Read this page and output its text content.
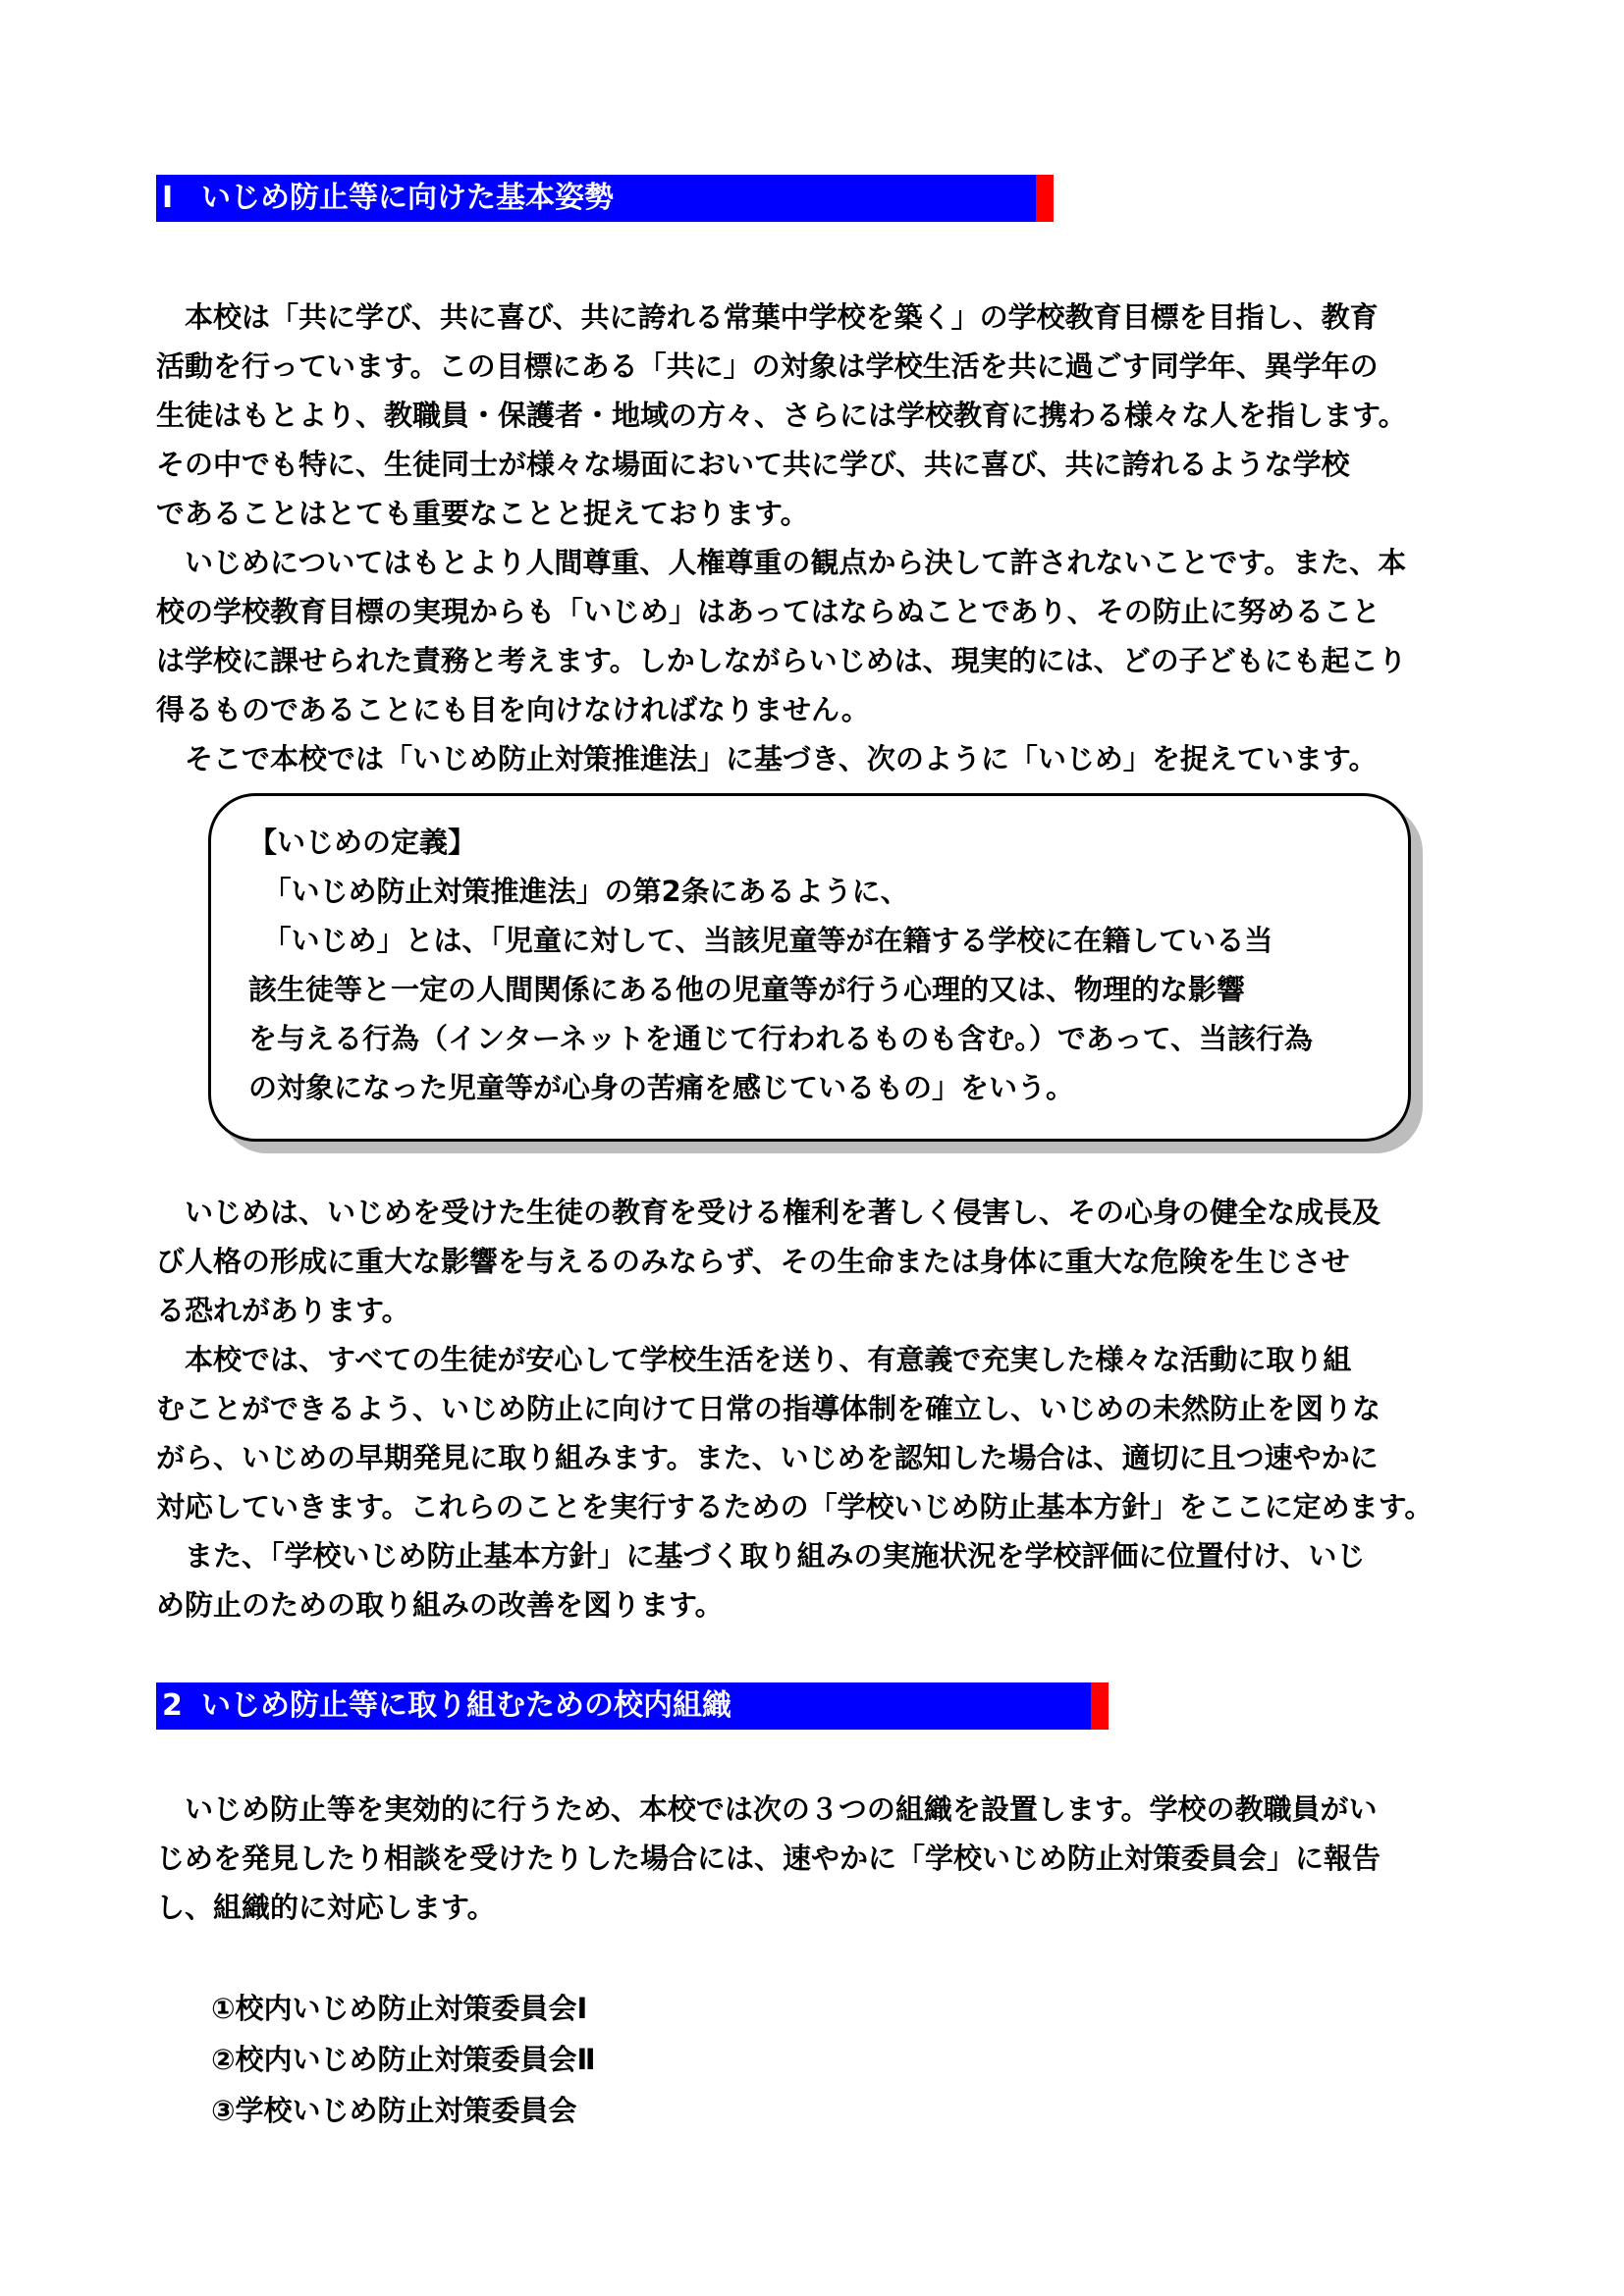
Ⅰ いじめ防止等に向けた基本姿勢

　本校は「共に学び、共に喜び、共に誇れる常葉中学校を築く」の学校教育目標を目指し、教育

活動を行っています。この目標にある「共に」の対象は学校生活を共に過ごす同学年、異学年の

生徒はもとより、教職員・保護者・地域の方々、さらには学校教育に携わる様々な人を指します。

その中でも特に、生徒同士が様々な場面において共に学び、共に喜び、共に誇れるような学校

であることはとても重要なことと捉えております。

　いじめについてはもとより人間尊重、人権尊重の観点から決して許されないことです。また、本

校の学校教育目標の実現からも「いじめ」はあってはならぬことであり、その防止に努めること

は学校に課せられた責務と考えます。しかしながらいじめは、現実的には、どの子どもにも起こり

得るものであることにも目を向けなければなりません。

　そこで本校では「いじめ防止対策推進法」に基づき、次のように「いじめ」を捉えています。

【いじめの定義】

　「いじめ防止対策推進法」の第2条にあるように、

　「いじめ」とは、「児童に対して、当該児童等が在籍する学校に在籍している当

該生徒等と一定の人間関係にある他の児童等が行う心理的又は、物理的な影響

を与える行為（インターネットを通じて行われるものも含む。）であって、当該行為

の対象になった児童等が心身の苦痛を感じているもの」をいう。

　いじめは、いじめを受けた生徒の教育を受ける権利を著しく侵害し、その心身の健全な成長及

び人格の形成に重大な影響を与えるのみならず、その生命または身体に重大な危険を生じさせ

る恐れがあります。

　本校では、すべての生徒が安心して学校生活を送り、有意義で充実した様々な活動に取り組

むことができるよう、いじめ防止に向けて日常の指導体制を確立し、いじめの未然防止を図りな

がら、いじめの早期発見に取り組みます。また、いじめを認知した場合は、適切に且つ速やかに

対応していきます。これらのことを実行するための「学校いじめ防止基本方針」をここに定めます。

　また、「学校いじめ防止基本方針」に基づく取り組みの実施状況を学校評価に位置付け、いじ

め防止のための取り組みの改善を図ります。

2 いじめ防止等に取り組むための校内組織

　いじめ防止等を実効的に行うため、本校では次の３つの組織を設置します。学校の教職員がい

じめを発見したり相談を受けたりした場合には、速やかに「学校いじめ防止対策委員会」に報告

し、組織的に対応します。

①校内いじめ防止対策委員会Ⅰ
②校内いじめ防止対策委員会Ⅱ
③学校いじめ防止対策委員会
